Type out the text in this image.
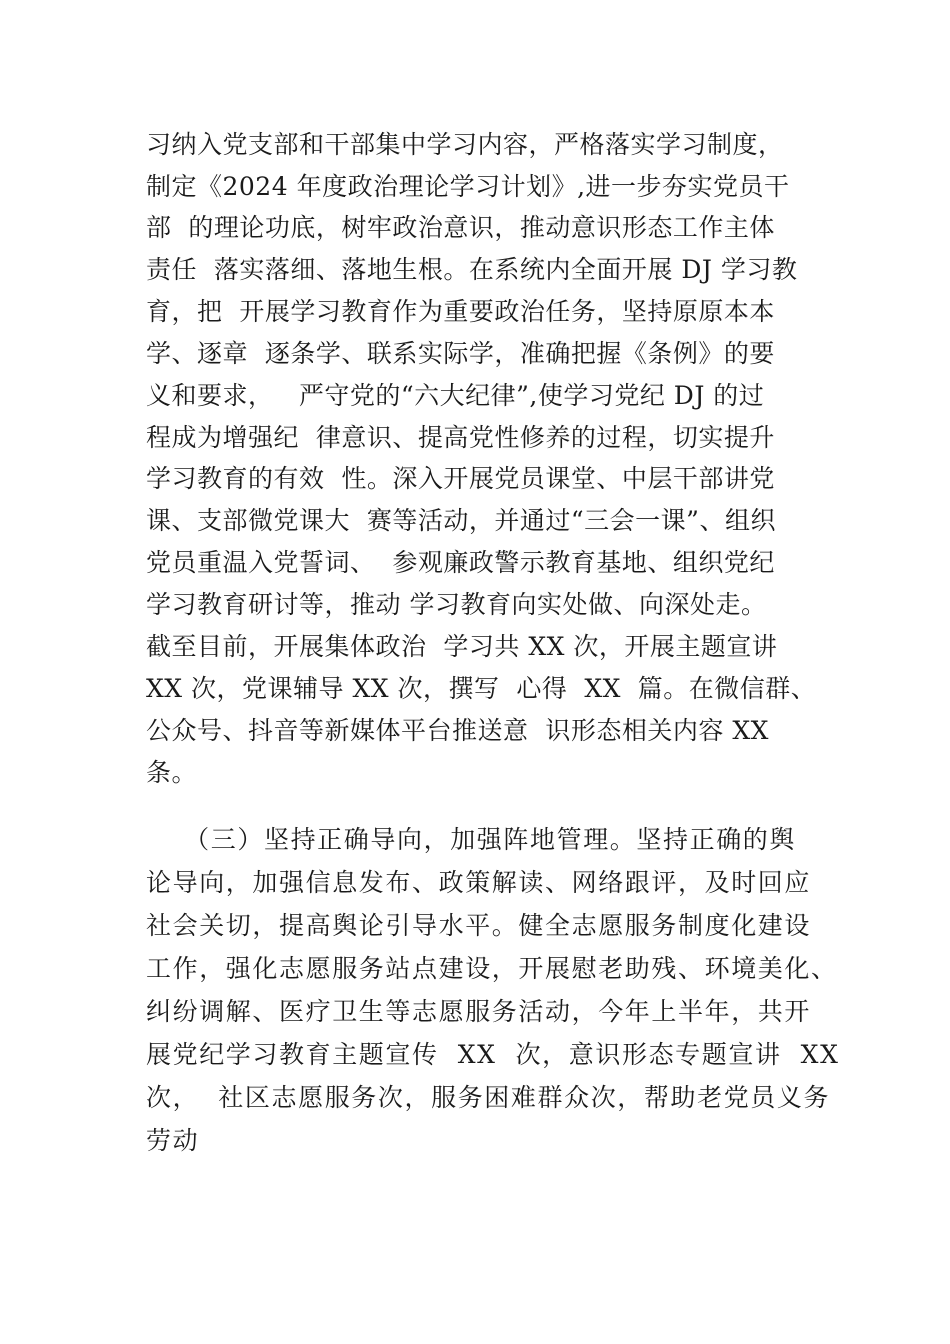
习纳入党支部和干部集中学习内容，严格落实学习制度，
制定《2024 年度政治理论学习计划》,进一步夯实党员干
部  的理论功底，树牢政治意识，推动意识形态工作主体
责任  落实落细、落地生根。在系统内全面开展 DJ 学习教
育，把  开展学习教育作为重要政治任务，坚持原原本本
学、逐章  逐条学、联系实际学，准确把握《条例》的要
义和要求，   严守党的“六大纪律”,使学习党纪 DJ 的过
程成为增强纪  律意识、提高党性修养的过程，切实提升
学习教育的有效  性。深入开展党员课堂、中层干部讲党
课、支部微党课大  赛等活动，并通过“三会一课”、组织
党员重温入党誓词、  参观廉政警示教育基地、组织党纪
学习教育研讨等，推动 学习教育向实处做、向深处走。
截至目前，开展集体政治  学习共 XX 次，开展主题宣讲
XX 次，党课辅导 XX 次，撰写  心得  XX  篇。在微信群、
公众号、抖音等新媒体平台推送意  识形态相关内容 XX
条。
（三）坚持正确导向，加强阵地管理。坚持正确的舆
论导向，加强信息发布、政策解读、网络跟评，及时回应
社会关切，提高舆论引导水平。健全志愿服务制度化建设
工作，强化志愿服务站点建设，开展慰老助残、环境美化、
纠纷调解、医疗卫生等志愿服务活动，今年上半年，共开
展党纪学习教育主题宣传  XX  次，意识形态专题宣讲  XX
次，  社区志愿服务次，服务困难群众次，帮助老党员义务
劳动
